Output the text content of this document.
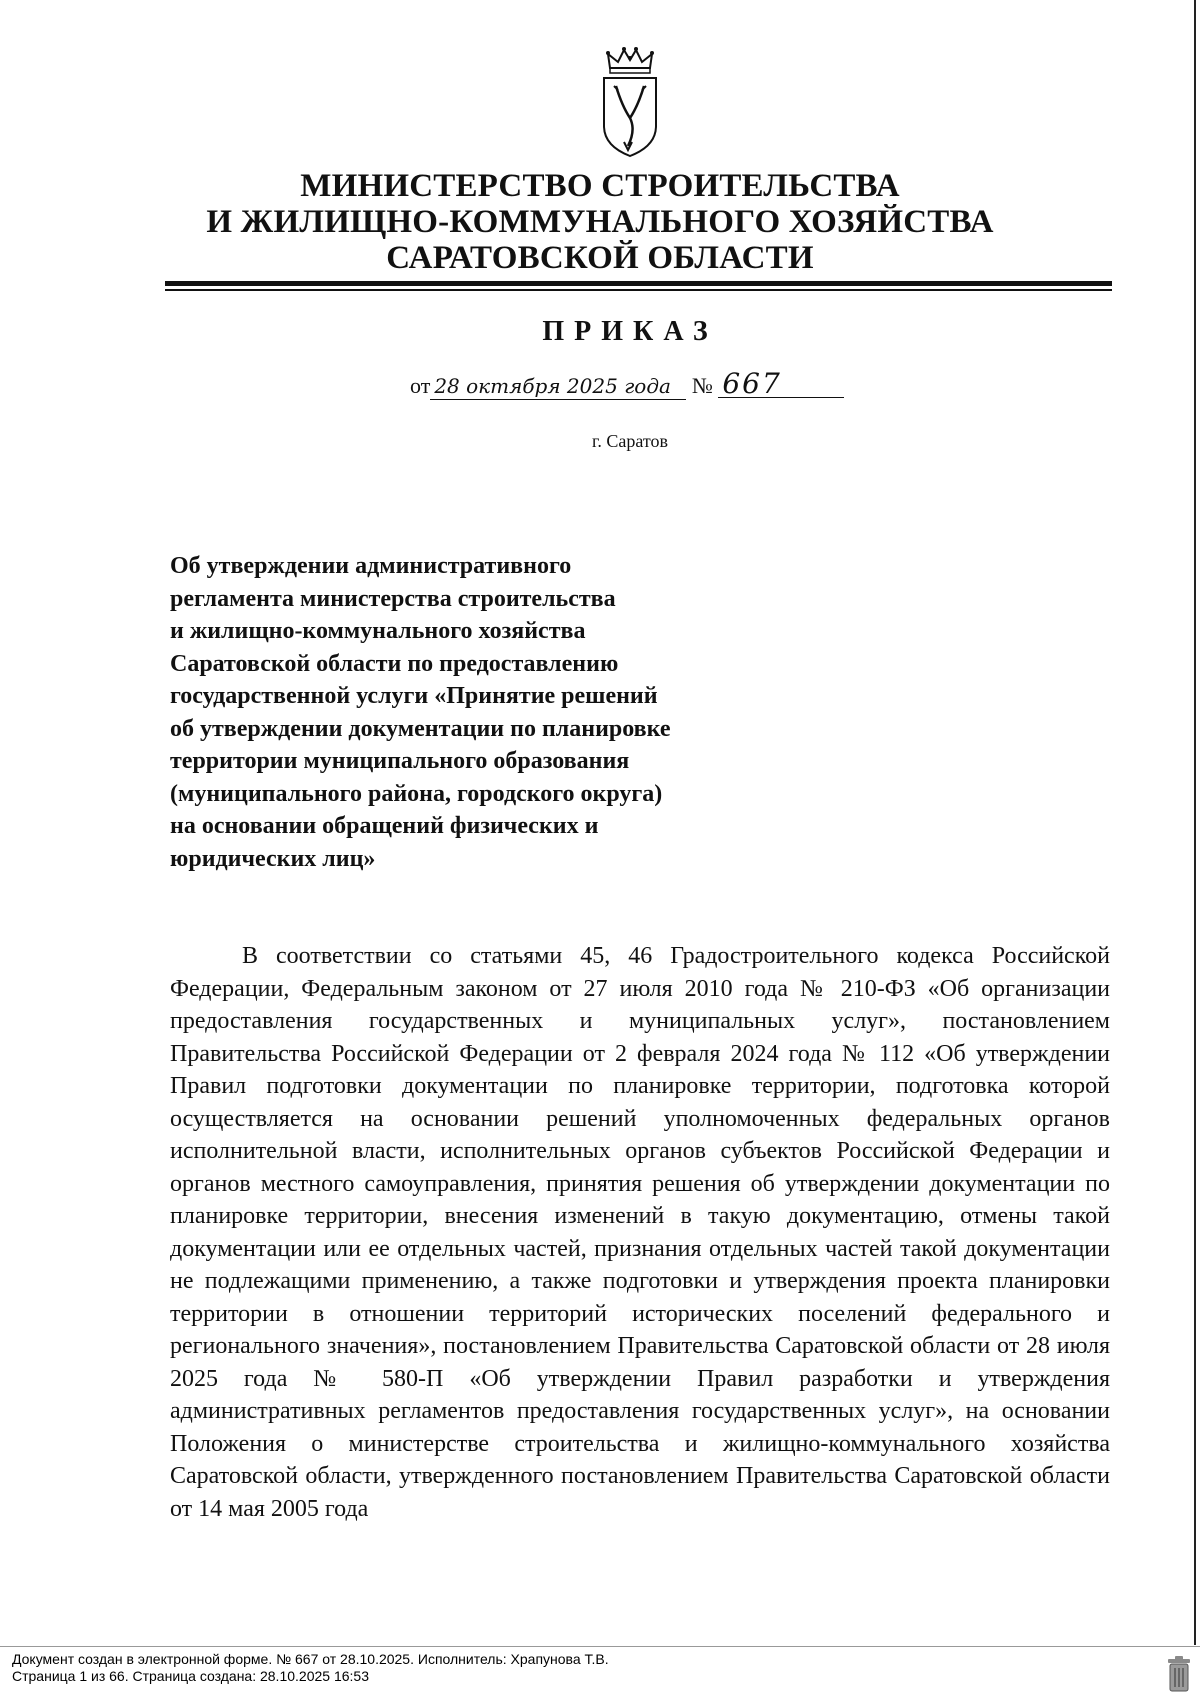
МИНИСТЕРСТВО СТРОИТЕЛЬСТВА
И ЖИЛИЩНО-КОММУНАЛЬНОГО ХОЗЯЙСТВА
САРАТОВСКОЙ ОБЛАСТИ
ПРИКАЗ
от 28 октября 2025 года № 667
г. Саратов
Об утверждении административного
регламента министерства строительства
и жилищно-коммунального хозяйства
Саратовской области по предоставлению
государственной услуги «Принятие решений
об утверждении документации по планировке
территории муниципального образования
(муниципального района, городского округа)
на основании обращений физических и
юридических лиц»

В соответствии со статьями 45, 46 Градостроительного кодекса Российской Федерации, Федеральным законом от 27 июля 2010 года № 210-ФЗ «Об организации предоставления государственных и муниципальных услуг», постановлением Правительства Российской Федерации от 2 февраля 2024 года № 112 «Об утверждении Правил подготовки документации по планировке территории, подготовка которой осуществляется на основании решений уполномоченных федеральных органов исполнительной власти, исполнительных органов субъектов Российской Федерации и органов местного самоуправления, принятия решения об утверждении документации по планировке территории, внесения изменений в такую документацию, отмены такой документации или ее отдельных частей, признания отдельных частей такой документации не подлежащими применению, а также подготовки и утверждения проекта планировки территории в отношении территорий исторических поселений федерального и регионального значения», постановлением Правительства Саратовской области от 28 июля 2025 года № 580-П «Об утверждении Правил разработки и утверждения административных регламентов предоставления государственных услуг», на основании Положения о министерстве строительства и жилищно-коммунального хозяйства Саратовской области, утвержденного постановлением Правительства Саратовской области от 14 мая 2005 года

Документ создан в электронной форме. № 667 от 28.10.2025. Исполнитель: Храпунова Т.В.
Страница 1 из 66. Страница создана: 28.10.2025 16:53
